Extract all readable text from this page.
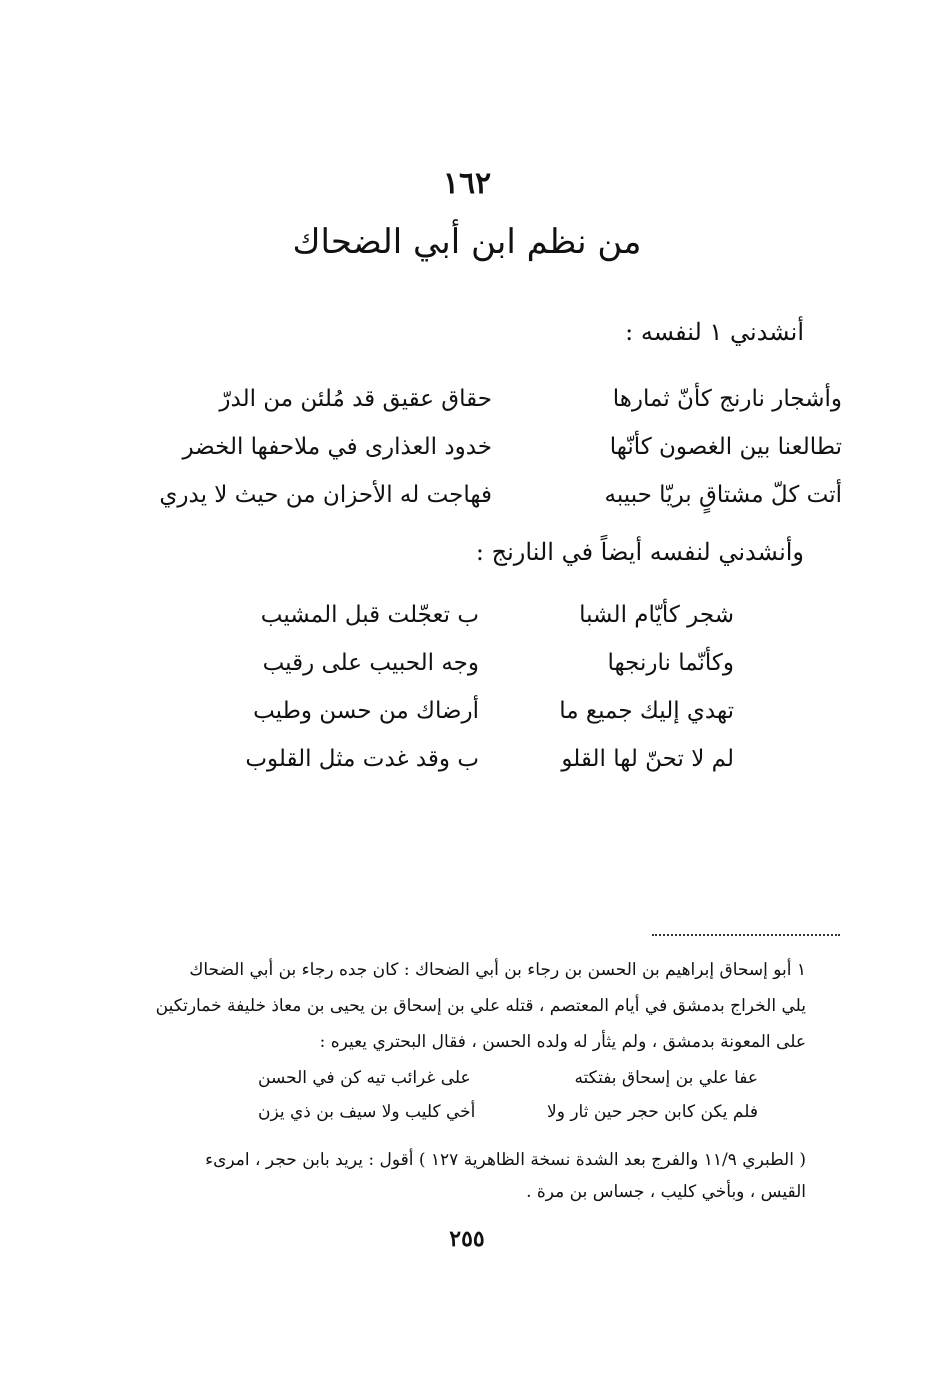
١٦٢
من نظم ابن أبي الضحاك
أنشدني ١ لنفسه :
وأشجار نارنج كأنّ ثمارها
حقاق عقيق قد مُلئن من الدرّ
تطالعنا بين الغصون كأنّها
خدود العذارى في ملاحفها الخضر
أتت كلّ مشتاقٍ بريّا حبيبه
فهاجت له الأحزان من حيث لا يدري
وأنشدني لنفسه أيضاً في النارنج :
شجر كأيّام الشبا
ب تعجّلت قبل المشيب
وكأنّما نارنجها
وجه الحبيب على رقيب
تهدي إليك جميع ما
أرضاك من حسن وطيب
لم لا تحنّ لها القلو
ب وقد غدت مثل القلوب
١ أبو إسحاق إبراهيم بن الحسن بن رجاء بن أبي الضحاك : كان جده رجاء بن أبي الضحاك
يلي الخراج بدمشق في أيام المعتصم ، قتله علي بن إسحاق بن يحيى بن معاذ خليفة خمارتكين
على المعونة بدمشق ، ولم يثأر له ولده الحسن ، فقال البحتري يعيره :
عفا علي بن إسحاق بفتكته
على غرائب تيه كن في الحسن
فلم يكن كابن حجر حين ثار ولا
أخي كليب ولا سيف بن ذي يزن
( الطبري ١١/٩ والفرج بعد الشدة نسخة الظاهرية ١٢٧ ) أقول : يريد بابن حجر ، امرىء
القيس ، وبأخي كليب ، جساس بن مرة .
٢٥٥
